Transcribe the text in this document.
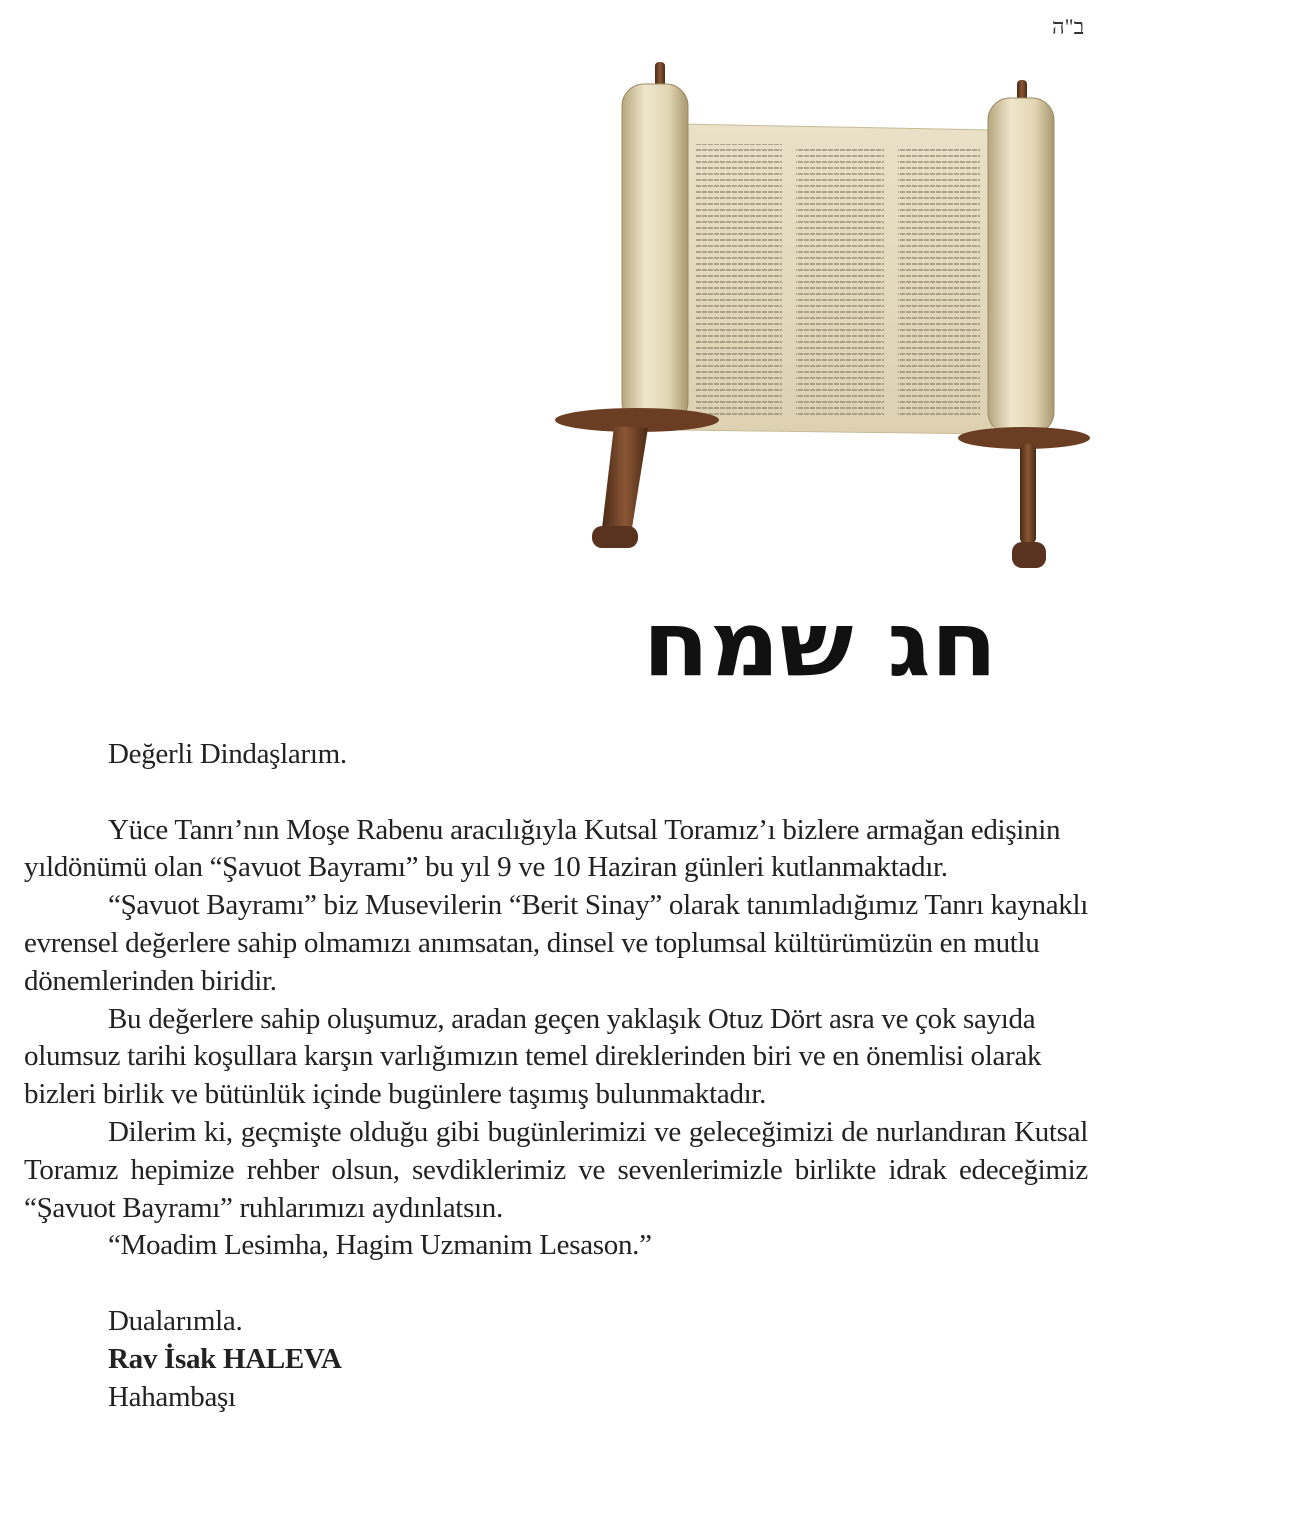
ב"ה
חג שמח

Değerli Dindaşlarım.

Yüce Tanrı’nın Moşe Rabenu aracılığıyla Kutsal Toramız’ı bizlere armağan edişinin yıldönümü olan “Şavuot Bayramı” bu yıl 9 ve 10 Haziran günleri kutlanmaktadır.

“Şavuot Bayramı” biz Musevilerin “Berit Sinay” olarak tanımladığımız Tanrı kaynaklı evrensel değerlere sahip olmamızı anımsatan, dinsel ve toplumsal kültürümüzün en mutlu dönemlerinden biridir.

Bu değerlere sahip oluşumuz, aradan geçen yaklaşık Otuz Dört asra ve çok sayıda olumsuz tarihi koşullara karşın varlığımızın temel direklerinden biri ve en önemlisi olarak bizleri birlik ve bütünlük içinde bugünlere taşımış bulunmaktadır.

Dilerim ki, geçmişte olduğu gibi bugünlerimizi ve geleceğimizi de nurlandıran Kutsal Toramız hepimize rehber olsun, sevdiklerimiz ve sevenlerimizle birlikte idrak edeceğimiz “Şavuot Bayramı” ruhlarımızı aydınlatsın.

“Moadim Lesimha, Hagim Uzmanim Lesason.”

Dualarımla.
Rav İsak HALEVA
Hahambaşı
